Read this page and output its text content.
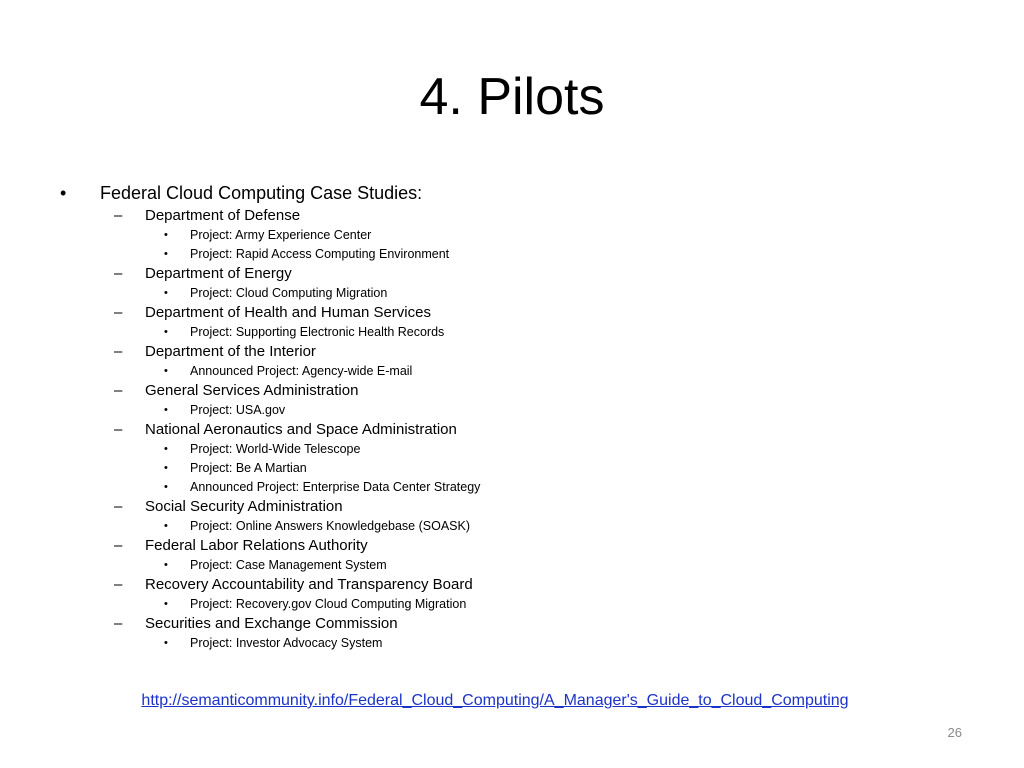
4. Pilots
• Federal Cloud Computing Case Studies:
– Department of Defense
• Project: Army Experience Center
• Project: Rapid Access Computing Environment
– Department of Energy
• Project: Cloud Computing Migration
– Department of Health and Human Services
• Project: Supporting Electronic Health Records
– Department of the Interior
• Announced Project: Agency-wide E-mail
– General Services Administration
• Project: USA.gov
– National Aeronautics and Space Administration
• Project: World-Wide Telescope
• Project: Be A Martian
• Announced Project: Enterprise Data Center Strategy
– Social Security Administration
• Project: Online Answers Knowledgebase (SOASK)
– Federal Labor Relations Authority
• Project: Case Management System
– Recovery Accountability and Transparency Board
• Project: Recovery.gov Cloud Computing Migration
– Securities and Exchange Commission
• Project: Investor Advocacy System
http://semanticommunity.info/Federal_Cloud_Computing/A_Manager's_Guide_to_Cloud_Computing
26
